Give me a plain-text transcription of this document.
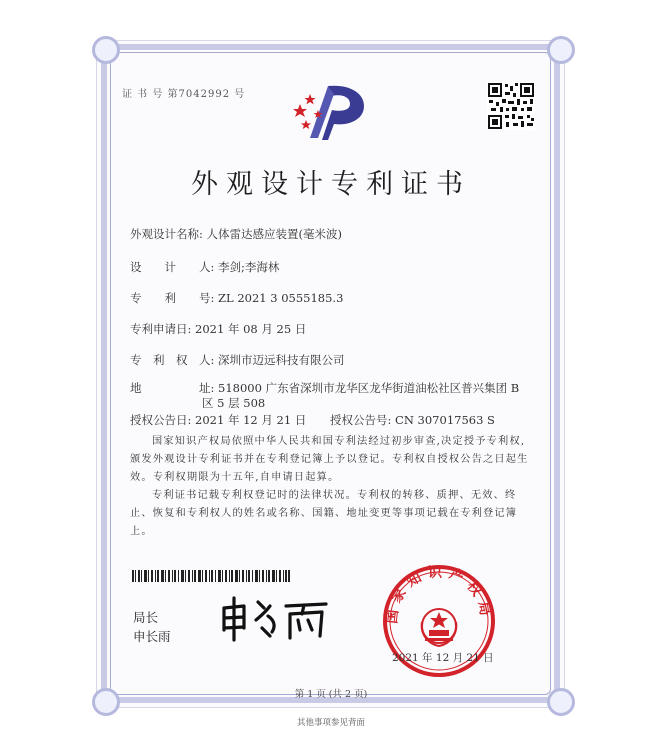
证 书 号 第7042992 号
外观设计专利证书
外观设计名称: 人体雷达感应装置(毫米波)
设　　计　　人: 李剑;李海林
专　　利　　号: ZL 2021 3 0555185.3
专利申请日: 2021 年 08 月 25 日
专　利　权　人: 深圳市迈远科技有限公司
地　　　　　址: 518000 广东省深圳市龙华区龙华街道油松社区普兴集团 B
区 5 层 508
授权公告日: 2021 年 12 月 21 日 授权公告号: CN 307017563 S
国家知识产权局依照中华人民共和国专利法经过初步审查,决定授予专利权,颁发外观设计专利证书并在专利登记簿上予以登记。专利权自授权公告之日起生效。专利权期限为十五年,自申请日起算。
专利证书记载专利权登记时的法律状况。专利权的转移、质押、无效、终止、恢复和专利权人的姓名或名称、国籍、地址变更等事项记载在专利登记簿上。
局长
申长雨
国家知识产权局
2021 年 12 月 21 日
第 1 页 (共 2 页)
其他事项参见背面
